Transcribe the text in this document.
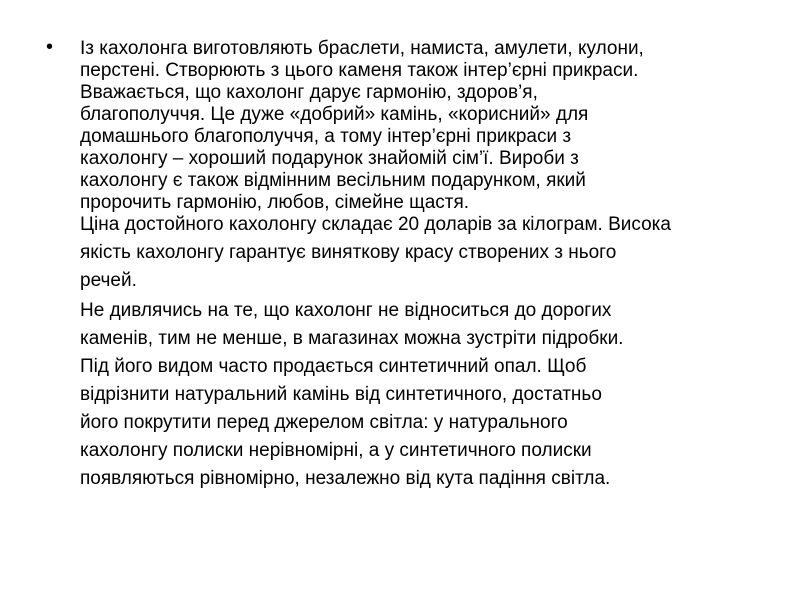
• Із кахолонга виготовляють браслети, намиста, амулети, кулони,
перстені. Створюють з цього каменя також інтер’єрні прикраси.
Вважається, що кахолонг дарує гармонію, здоров’я,
благополуччя. Це дуже «добрий» камінь, «корисний» для
домашнього благополуччя, а тому інтер’єрні прикраси з
кахолонгу – хороший подарунок знайомій сім’ї. Вироби з
кахолонгу є також відмінним весільним подарунком, який
пророчить гармонію, любов, сімейне щастя.
Ціна достойного кахолонгу складає 20 доларів за кілограм. Висока
якість кахолонгу гарантує виняткову красу створених з нього
речей.
Не дивлячись на те, що кахолонг не відноситься до дорогих
каменів, тим не менше, в магазинах можна зустріти підробки.
Під його видом часто продається синтетичний опал. Щоб
відрізнити натуральний камінь від синтетичного, достатньо
його покрутити перед джерелом світла: у натурального
кахолонгу полиски нерівномірні, а у синтетичного полиски
появляються рівномірно, незалежно від кута падіння світла.
